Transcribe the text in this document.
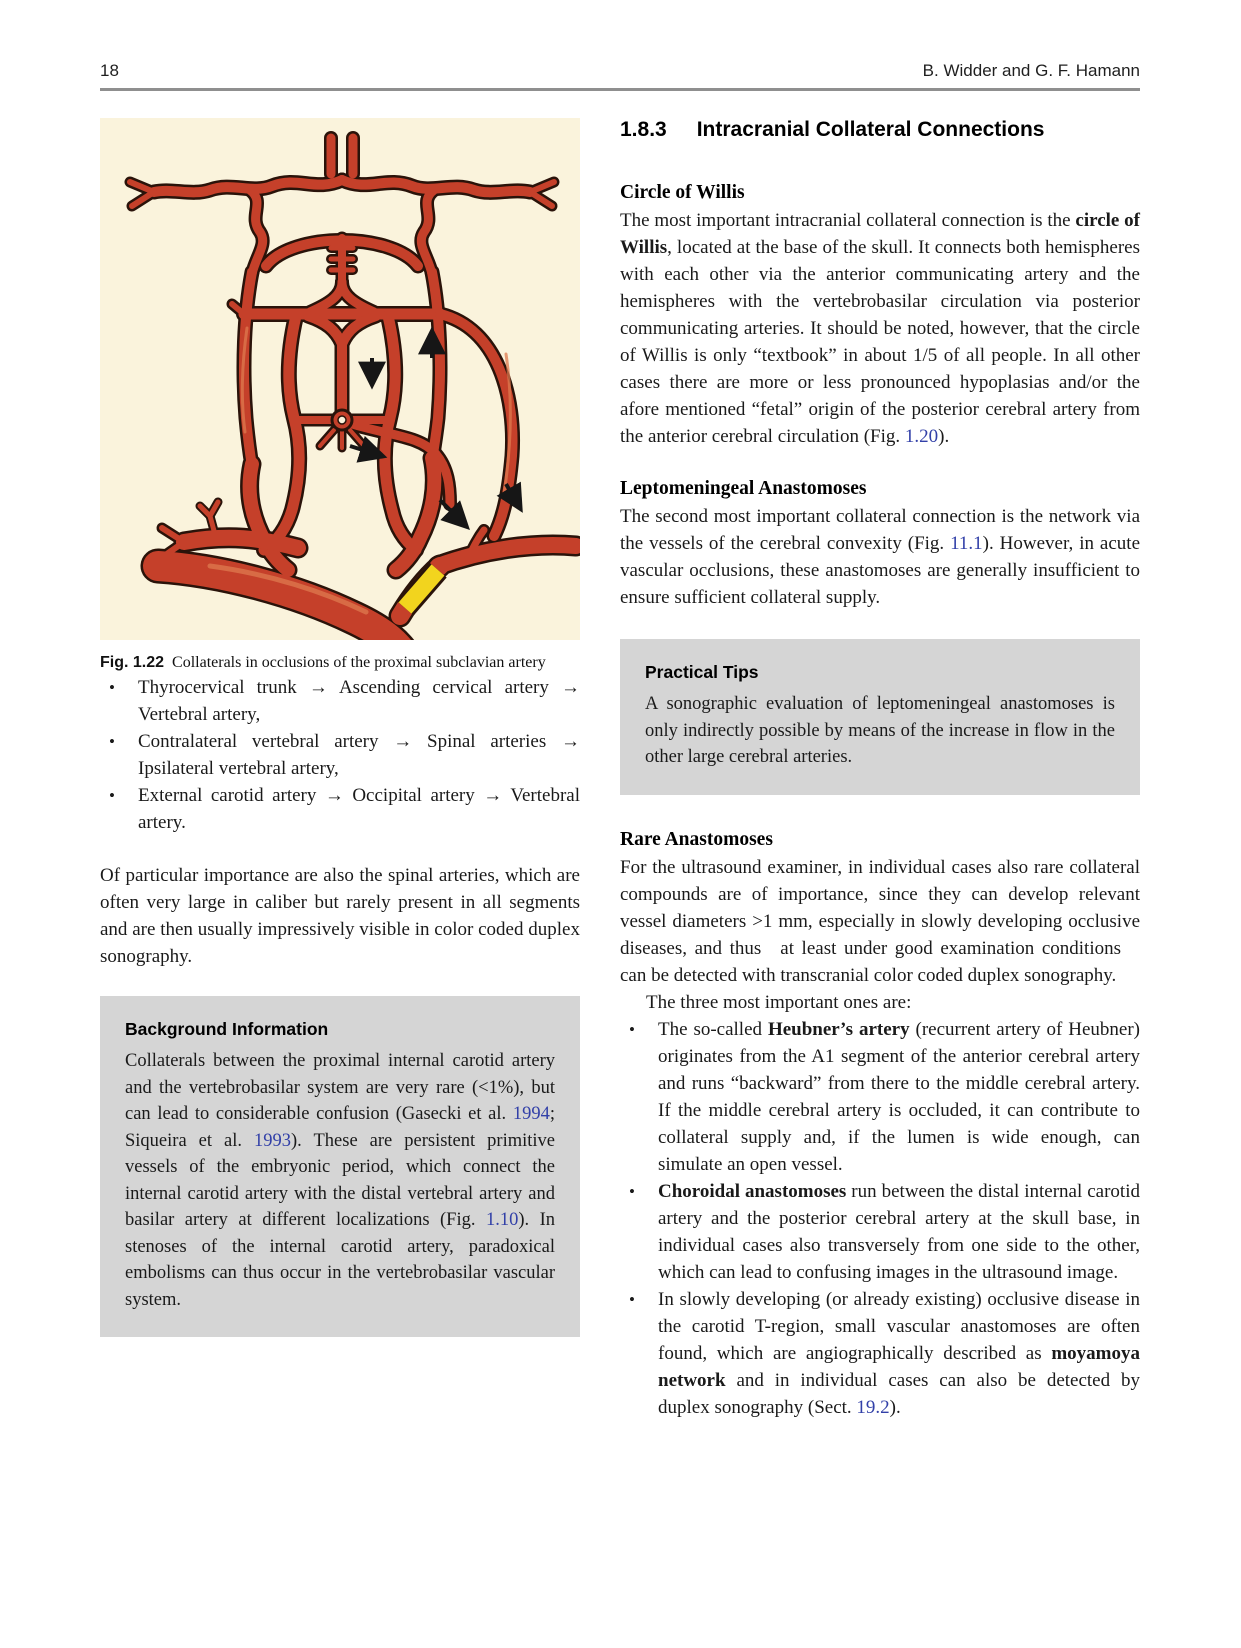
18	B. Widder and G. F. Hamann
Fig. 1.22 Collaterals in occlusions of the proximal subclavian artery
• Thyrocervical trunk → Ascending cervical artery → Vertebral artery,
• Contralateral vertebral artery → Spinal arteries → Ipsilateral vertebral artery,
• External carotid artery → Occipital artery → Vertebral artery.

Of particular importance are also the spinal arteries, which are often very large in caliber but rarely present in all segments and are then usually impressively visible in color coded duplex sonography.

Background Information

Collaterals between the proximal internal carotid artery and the vertebrobasilar system are very rare (<1%), but can lead to considerable confusion (Gasecki et al. 1994; Siqueira et al. 1993). These are persistent primitive vessels of the embryonic period, which connect the internal carotid artery with the distal vertebral artery and basilar artery at different localizations (Fig. 1.10). In stenoses of the internal carotid artery, paradoxical embolisms can thus occur in the vertebrobasilar vascular system.

1.8.3 Intracranial Collateral Connections
Circle of Willis

The most important intracranial collateral connection is the circle of Willis, located at the base of the skull. It connects both hemispheres with each other via the anterior communicating artery and the hemispheres with the vertebrobasilar circulation via posterior communicating arteries. It should be noted, however, that the circle of Willis is only “textbook” in about 1/5 of all people. In all other cases there are more or less pronounced hypoplasias and/or the afore mentioned “fetal” origin of the posterior cerebral artery from the anterior cerebral circulation (Fig. 1.20).

Leptomeningeal Anastomoses

The second most important collateral connection is the network via the vessels of the cerebral convexity (Fig. 11.1). However, in acute vascular occlusions, these anastomoses are generally insufficient to ensure sufficient collateral supply.

Practical Tips

A sonographic evaluation of leptomeningeal anastomoses is only indirectly possible by means of the increase in flow in the other large cerebral arteries.

Rare Anastomoses

For the ultrasound examiner, in individual cases also rare collateral compounds are of importance, since they can develop relevant vessel diameters >1 mm, especially in slowly developing occlusive diseases, and thus at least under good examination conditions can be detected with transcranial color coded duplex sonography.

The three most important ones are:

• The so-called Heubner’s artery (recurrent artery of Heubner) originates from the A1 segment of the anterior cerebral artery and runs “backward” from there to the middle cerebral artery. If the middle cerebral artery is occluded, it can contribute to collateral supply and, if the lumen is wide enough, can simulate an open vessel.
• Choroidal anastomoses run between the distal internal carotid artery and the posterior cerebral artery at the skull base, in individual cases also transversely from one side to the other, which can lead to confusing images in the ultrasound image.
• In slowly developing (or already existing) occlusive disease in the carotid T-region, small vascular anastomoses are often found, which are angiographically described as moyamoya network and in individual cases can also be detected by duplex sonography (Sect. 19.2).
